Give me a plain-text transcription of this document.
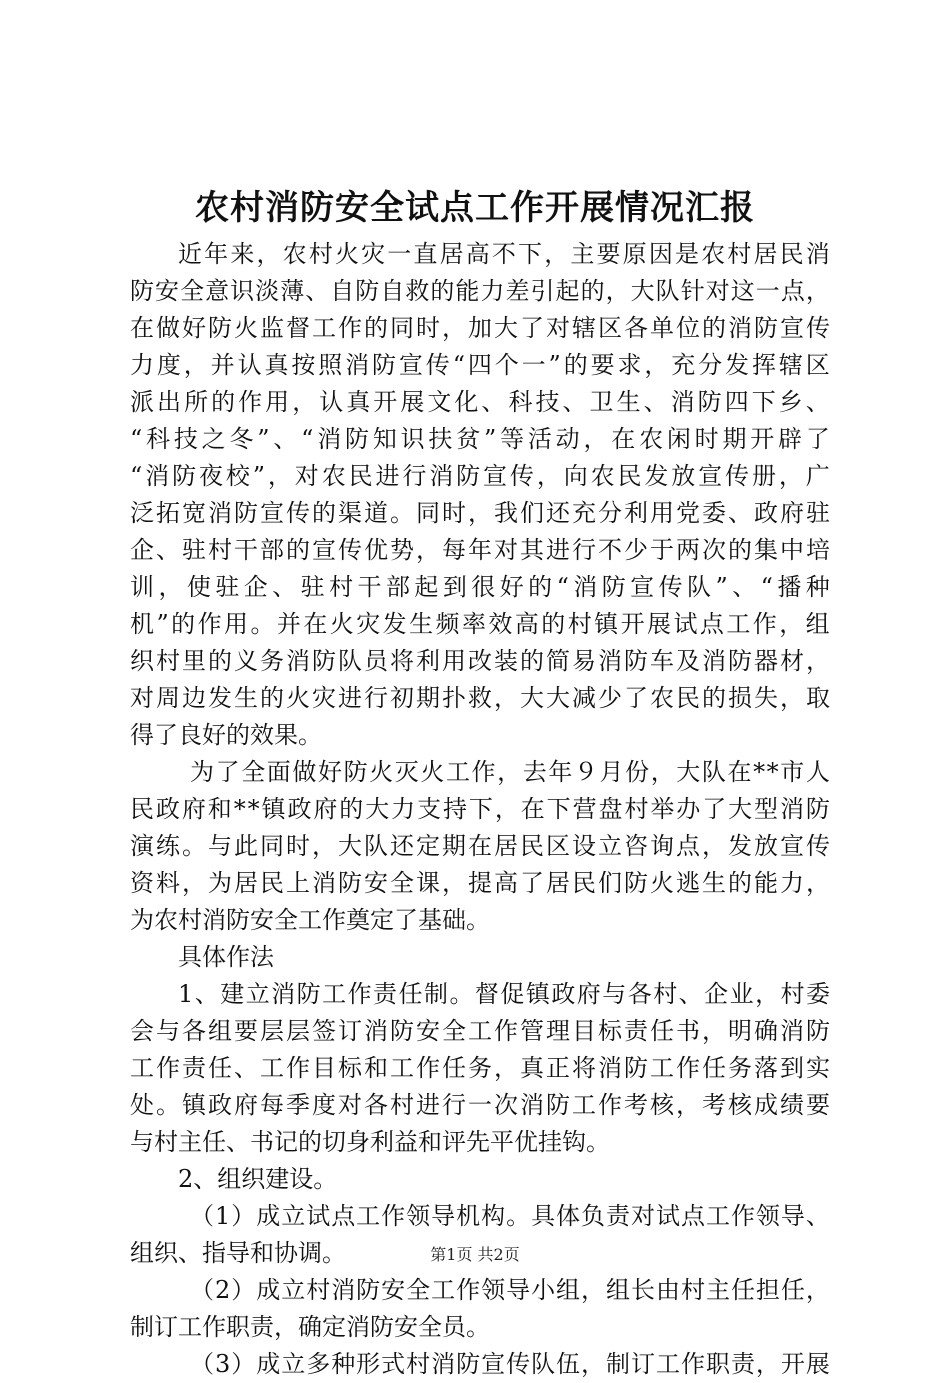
农村消防安全试点工作开展情况汇报
近 年 来 ， 农 村 火 灾 一 直 居 高 不 下 ， 主 要 原 因 是 农 村 居 民 消
防 安 全 意 识 淡 薄 、 自 防 自 救 的 能 力 差 引 起 的 ， 大 队 针 对 这 一 点 ，
在 做 好 防 火 监 督 工 作 的 同 时 ， 加 大 了 对 辖 区 各 单 位 的 消 防 宣 传
力 度 ， 并 认 真 按 照 消 防 宣 传 “ 四 个 一 ” 的 要 求 ， 充 分 发 挥 辖 区
派 出 所 的 作 用 ， 认 真 开 展 文 化 、 科 技 、 卫 生 、 消 防 四 下 乡 、
“ 科 技 之 冬 ” 、 “ 消 防 知 识 扶 贫 ” 等 活 动 ， 在 农 闲 时 期 开 辟 了
“ 消 防 夜 校 ” ， 对 农 民 进 行 消 防 宣 传 ， 向 农 民 发 放 宣 传 册 ， 广
泛 拓 宽 消 防 宣 传 的 渠 道 。 同 时 ， 我 们 还 充 分 利 用 党 委 、 政 府 驻
企 、 驻 村 干 部 的 宣 传 优 势 ， 每 年 对 其 进 行 不 少 于 两 次 的 集 中 培
训 ， 使 驻 企 、 驻 村 干 部 起 到 很 好 的 “ 消 防 宣 传 队 ” 、 “ 播 种
机 ” 的 作 用 。 并 在 火 灾 发 生 频 率 效 高 的 村 镇 开 展 试 点 工 作 ， 组
织 村 里 的 义 务 消 防 队 员 将 利 用 改 装 的 简 易 消 防 车 及 消 防 器 材 ，
对 周 边 发 生 的 火 灾 进 行 初 期 扑 救 ， 大 大 减 少 了 农 民 的 损 失 ， 取
得了良好的效果。
为 了 全 面 做 好 防 火 灭 火 工 作 ， 去 年 ９ 月 份 ， 大 队 在 * * 市 人
民 政 府 和 * * 镇 政 府 的 大 力 支 持 下 ， 在 下 营 盘 村 举 办 了 大 型 消 防
演 练 。 与 此 同 时 ， 大 队 还 定 期 在 居 民 区 设 立 咨 询 点 ， 发 放 宣 传
资 料 ， 为 居 民 上 消 防 安 全 课 ， 提 高 了 居 民 们 防 火 逃 生 的 能 力 ，
为农村消防安全工作奠定了基础。
具体作法
1 、 建 立 消 防 工 作 责 任 制 。 督 促 镇 政 府 与 各 村 、 企 业 ， 村 委
会 与 各 组 要 层 层 签 订 消 防 安 全 工 作 管 理 目 标 责 任 书 ， 明 确 消 防
工 作 责 任 、 工 作 目 标 和 工 作 任 务 ， 真 正 将 消 防 工 作 任 务 落 到 实
处 。 镇 政 府 每 季 度 对 各 村 进 行 一 次 消 防 工 作 考 核 ， 考 核 成 绩 要
与村主任、书记的切身利益和评先平优挂钩。
2、组织建设。
（ 1 ） 成 立 试 点 工 作 领 导 机 构 。 具 体 负 责 对 试 点 工 作 领 导 、
组织、指导和协调。
（ 2 ） 成 立 村 消 防 安 全 工 作 领 导 小 组 ， 组 长 由 村 主 任 担 任 ，
制订工作职责，确定消防安全员。
（ 3 ） 成 立 多 种 形 式 村 消 防 宣 传 队 伍 ， 制 订 工 作 职 责 ， 开 展
第1页 共2页
